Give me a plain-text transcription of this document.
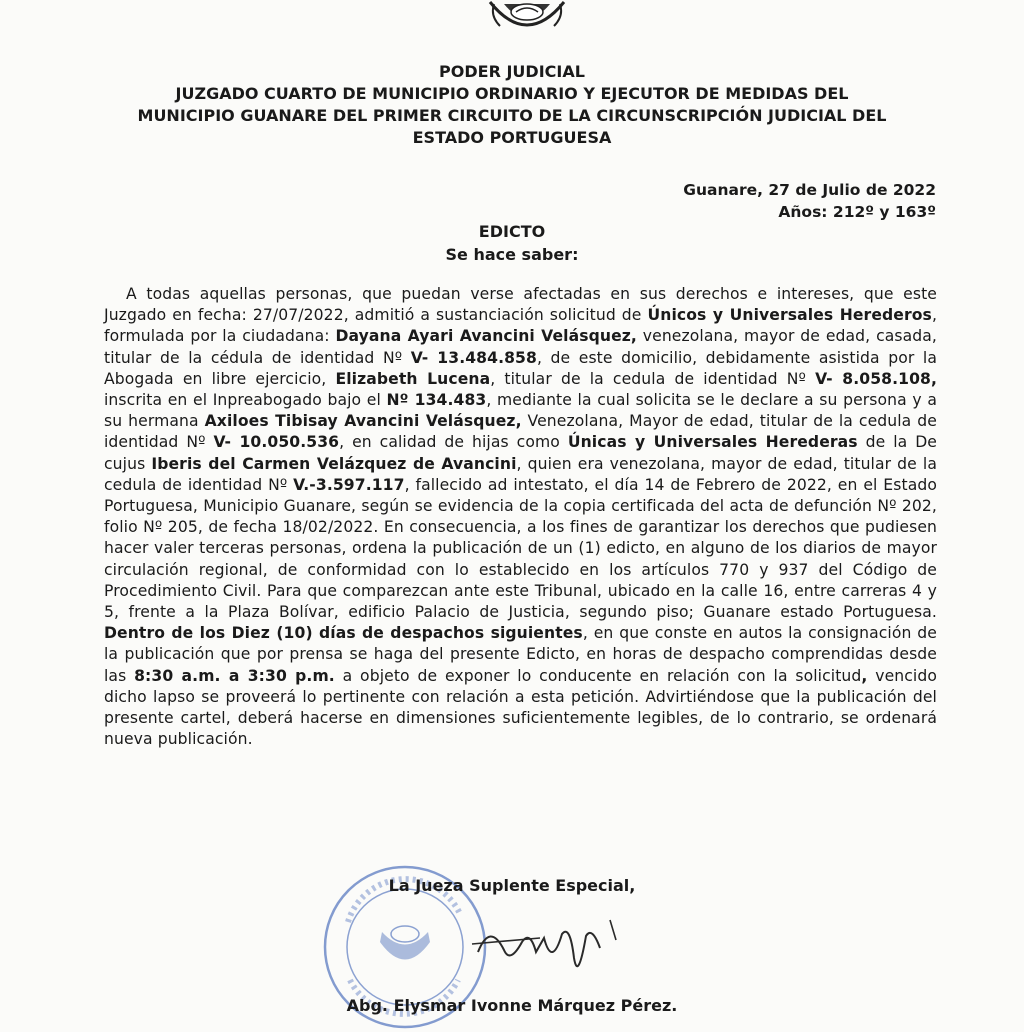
PODER JUDICIAL

JUZGADO CUARTO DE MUNICIPIO ORDINARIO Y EJECUTOR DE MEDIDAS DEL

MUNICIPIO GUANARE DEL PRIMER CIRCUITO DE LA CIRCUNSCRIPCIÓN JUDICIAL DEL

ESTADO PORTUGUESA

Guanare, 27 de Julio de 2022
Años: 212º y 163º
EDICTO
Se hace saber:

A todas aquellas personas, que puedan verse afectadas en sus derechos e intereses, que este Juzgado en fecha: 27/07/2022, admitió a sustanciación solicitud de Únicos y Universales Herederos, formulada por la ciudadana: Dayana Ayari Avancini Velásquez, venezolana, mayor de edad, casada, titular de la cédula de identidad Nº V- 13.484.858, de este domicilio, debidamente asistida por la Abogada en libre ejercicio, Elizabeth Lucena, titular de la cedula de identidad Nº V- 8.058.108, inscrita en el Inpreabogado bajo el Nº 134.483, mediante la cual solicita se le declare a su persona y a su hermana Axiloes Tibisay Avancini Velásquez, Venezolana, Mayor de edad, titular de la cedula de identidad Nº V- 10.050.536, en calidad de hijas como Únicas y Universales Herederas de la De cujus Iberis del Carmen Velázquez de Avancini, quien era venezolana, mayor de edad, titular de la cedula de identidad Nº V.-3.597.117, fallecido ad intestato, el día 14 de Febrero de 2022, en el Estado Portuguesa, Municipio Guanare, según se evidencia de la copia certificada del acta de defunción Nº 202, folio Nº 205, de fecha 18/02/2022. En consecuencia, a los fines de garantizar los derechos que pudiesen hacer valer terceras personas, ordena la publicación de un (1) edicto, en alguno de los diarios de mayor circulación regional, de conformidad con lo establecido en los artículos 770 y 937 del Código de Procedimiento Civil. Para que comparezcan ante este Tribunal, ubicado en la calle 16, entre carreras 4 y 5, frente a la Plaza Bolívar, edificio Palacio de Justicia, segundo piso; Guanare estado Portuguesa. Dentro de los Diez (10) días de despachos siguientes, en que conste en autos la consignación de la publicación que por prensa se haga del presente Edicto, en horas de despacho comprendidas desde las 8:30 a.m. a 3:30 p.m. a objeto de exponer lo conducente en relación con la solicitud, vencido dicho lapso se proveerá lo pertinente con relación a esta petición. Advirtiéndose que la publicación del presente cartel, deberá hacerse en dimensiones suficientemente legibles, de lo contrario, se ordenará nueva publicación.

La Jueza Suplente Especial,
Abg. Elysmar Ivonne Márquez Pérez.
